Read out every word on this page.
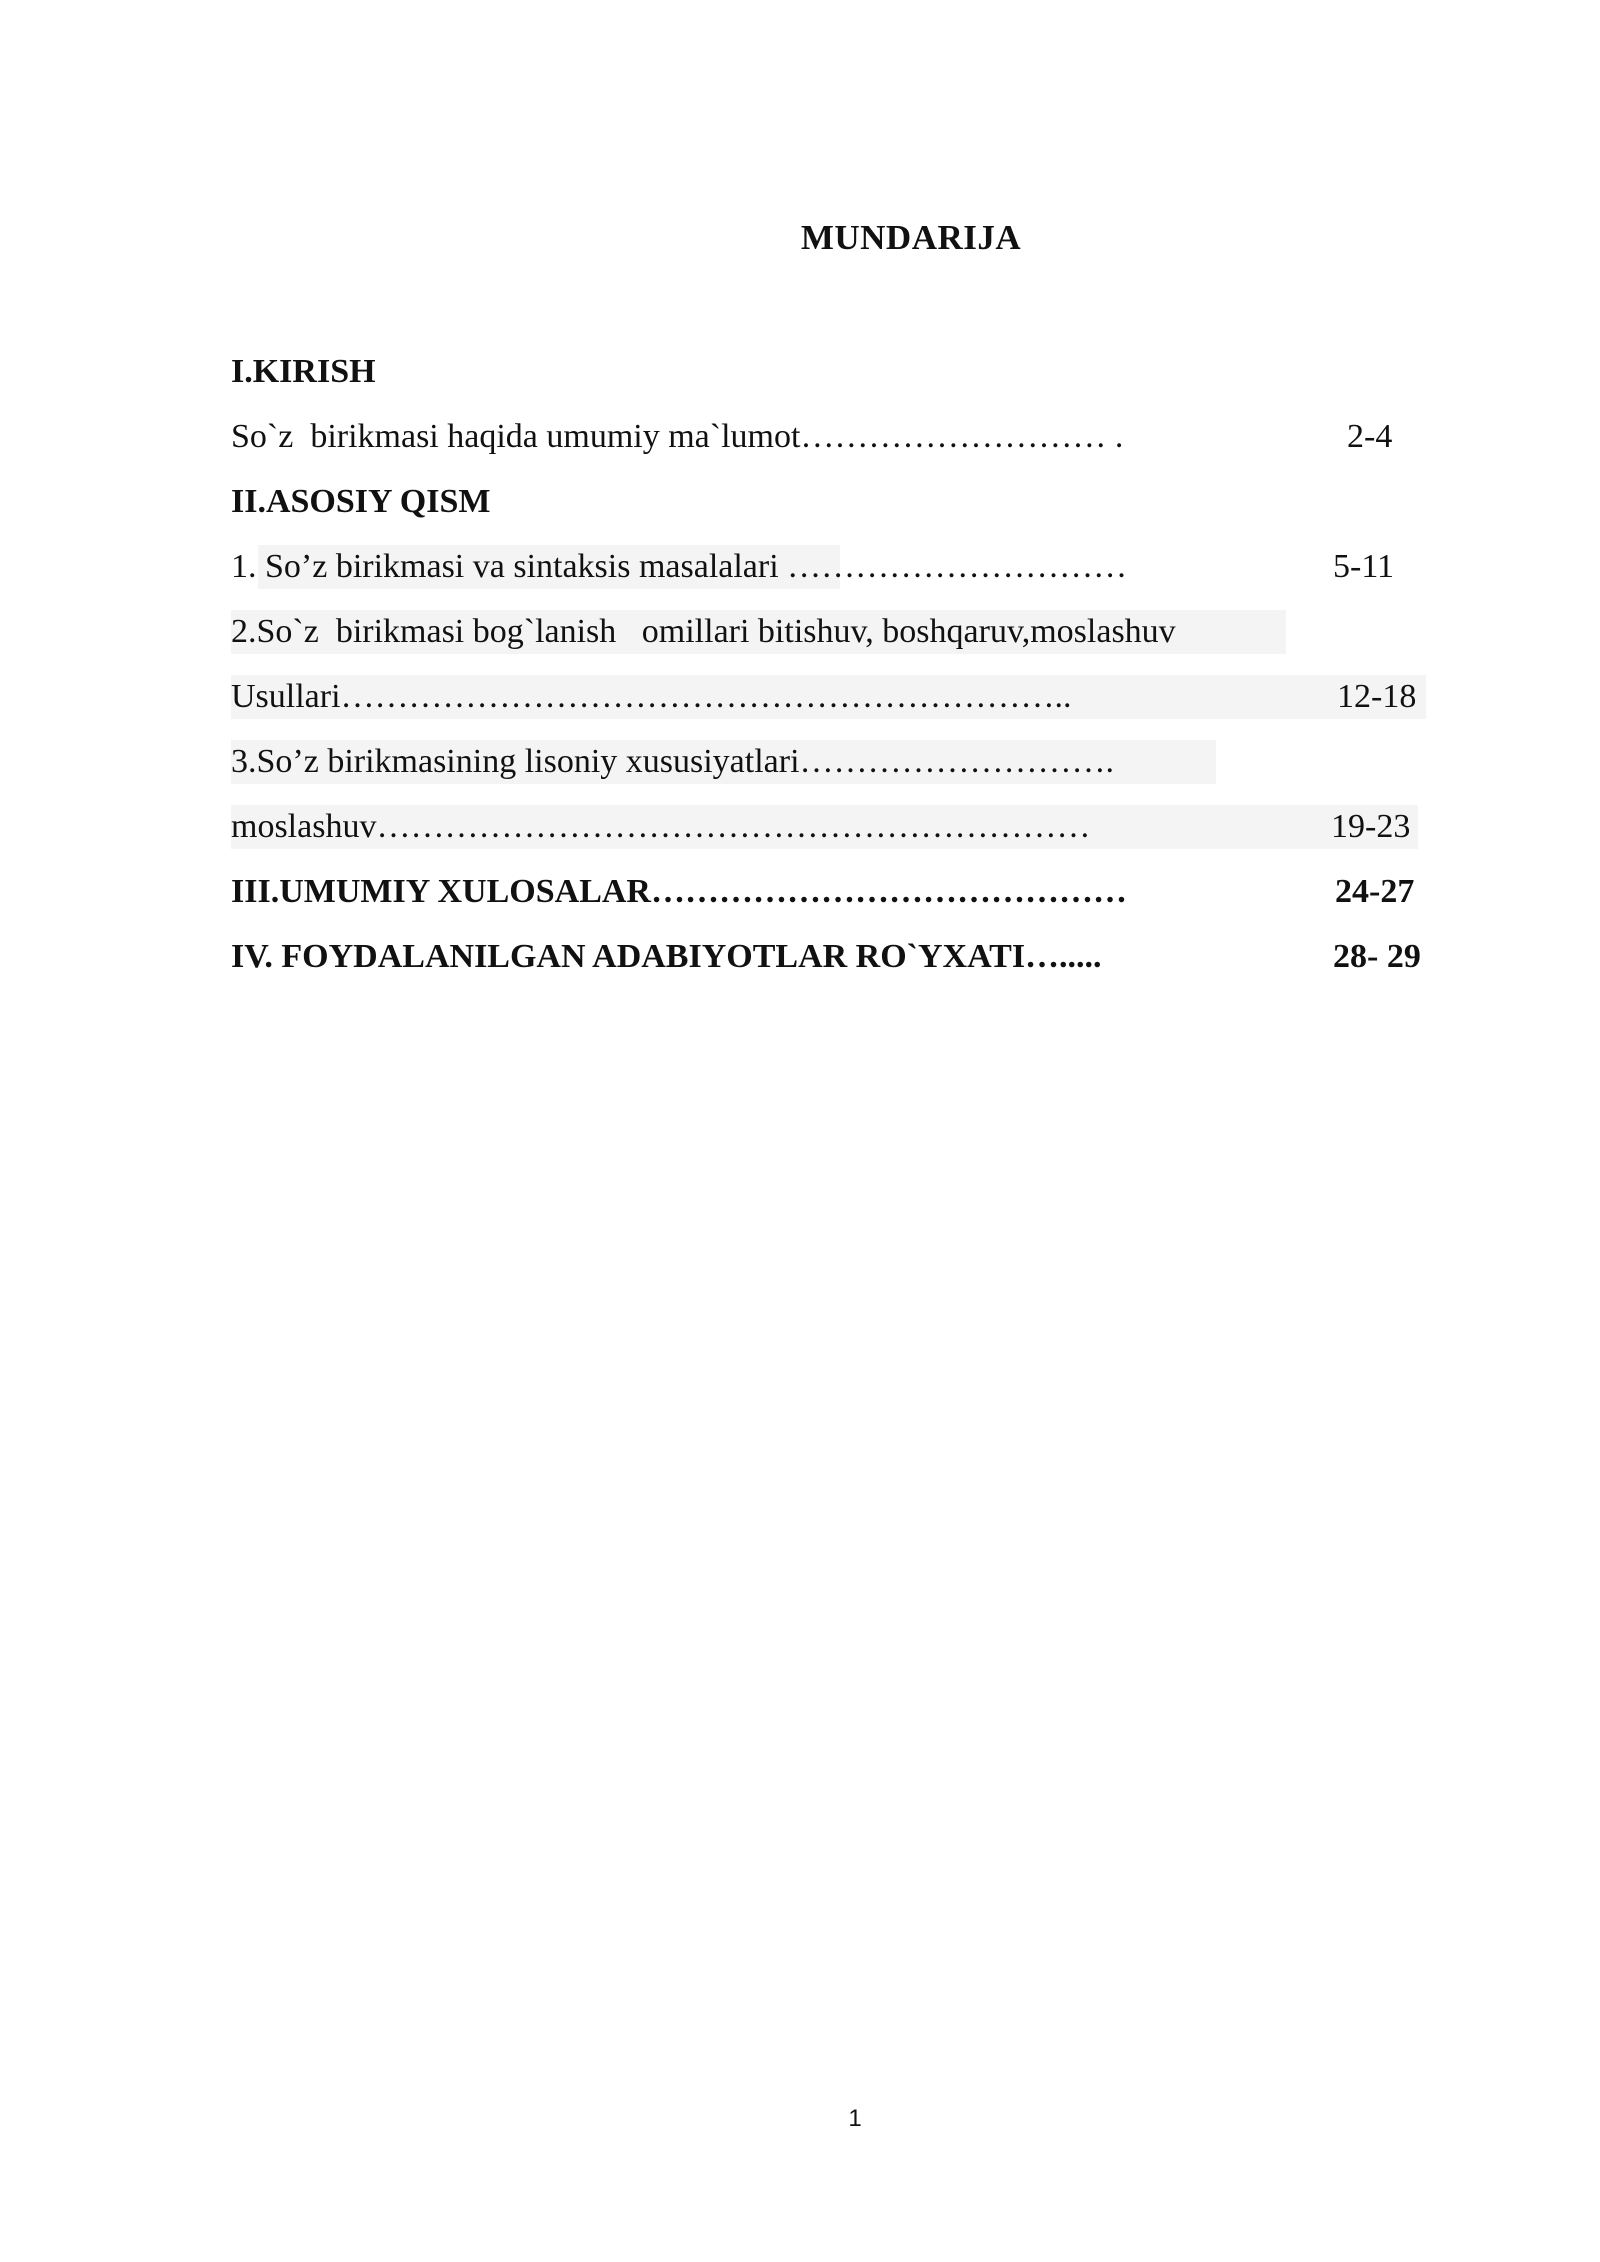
MUNDARIJA
I.KIRISH
So`z  birikmasi haqida umumiy ma`lumot……………………… .	2-4
II.ASOSIY QISM
1. So’z birikmasi va sintaksis masalalari …………………………	5-11
2.So`z  birikmasi bog`lanish   omillari bitishuv, boshqaruv,moslashuv
Usullari………………………………………………………..	12-18
3.So’z birikmasining lisoniy xususiyatlari……………………….
moslashuv………………………………………………………	19-23
III.UMUMIY XULOSALAR……………………………………	24-27
IV. FOYDALANILGAN ADABIYOTLAR RO`YXATI….....	28- 29
1
